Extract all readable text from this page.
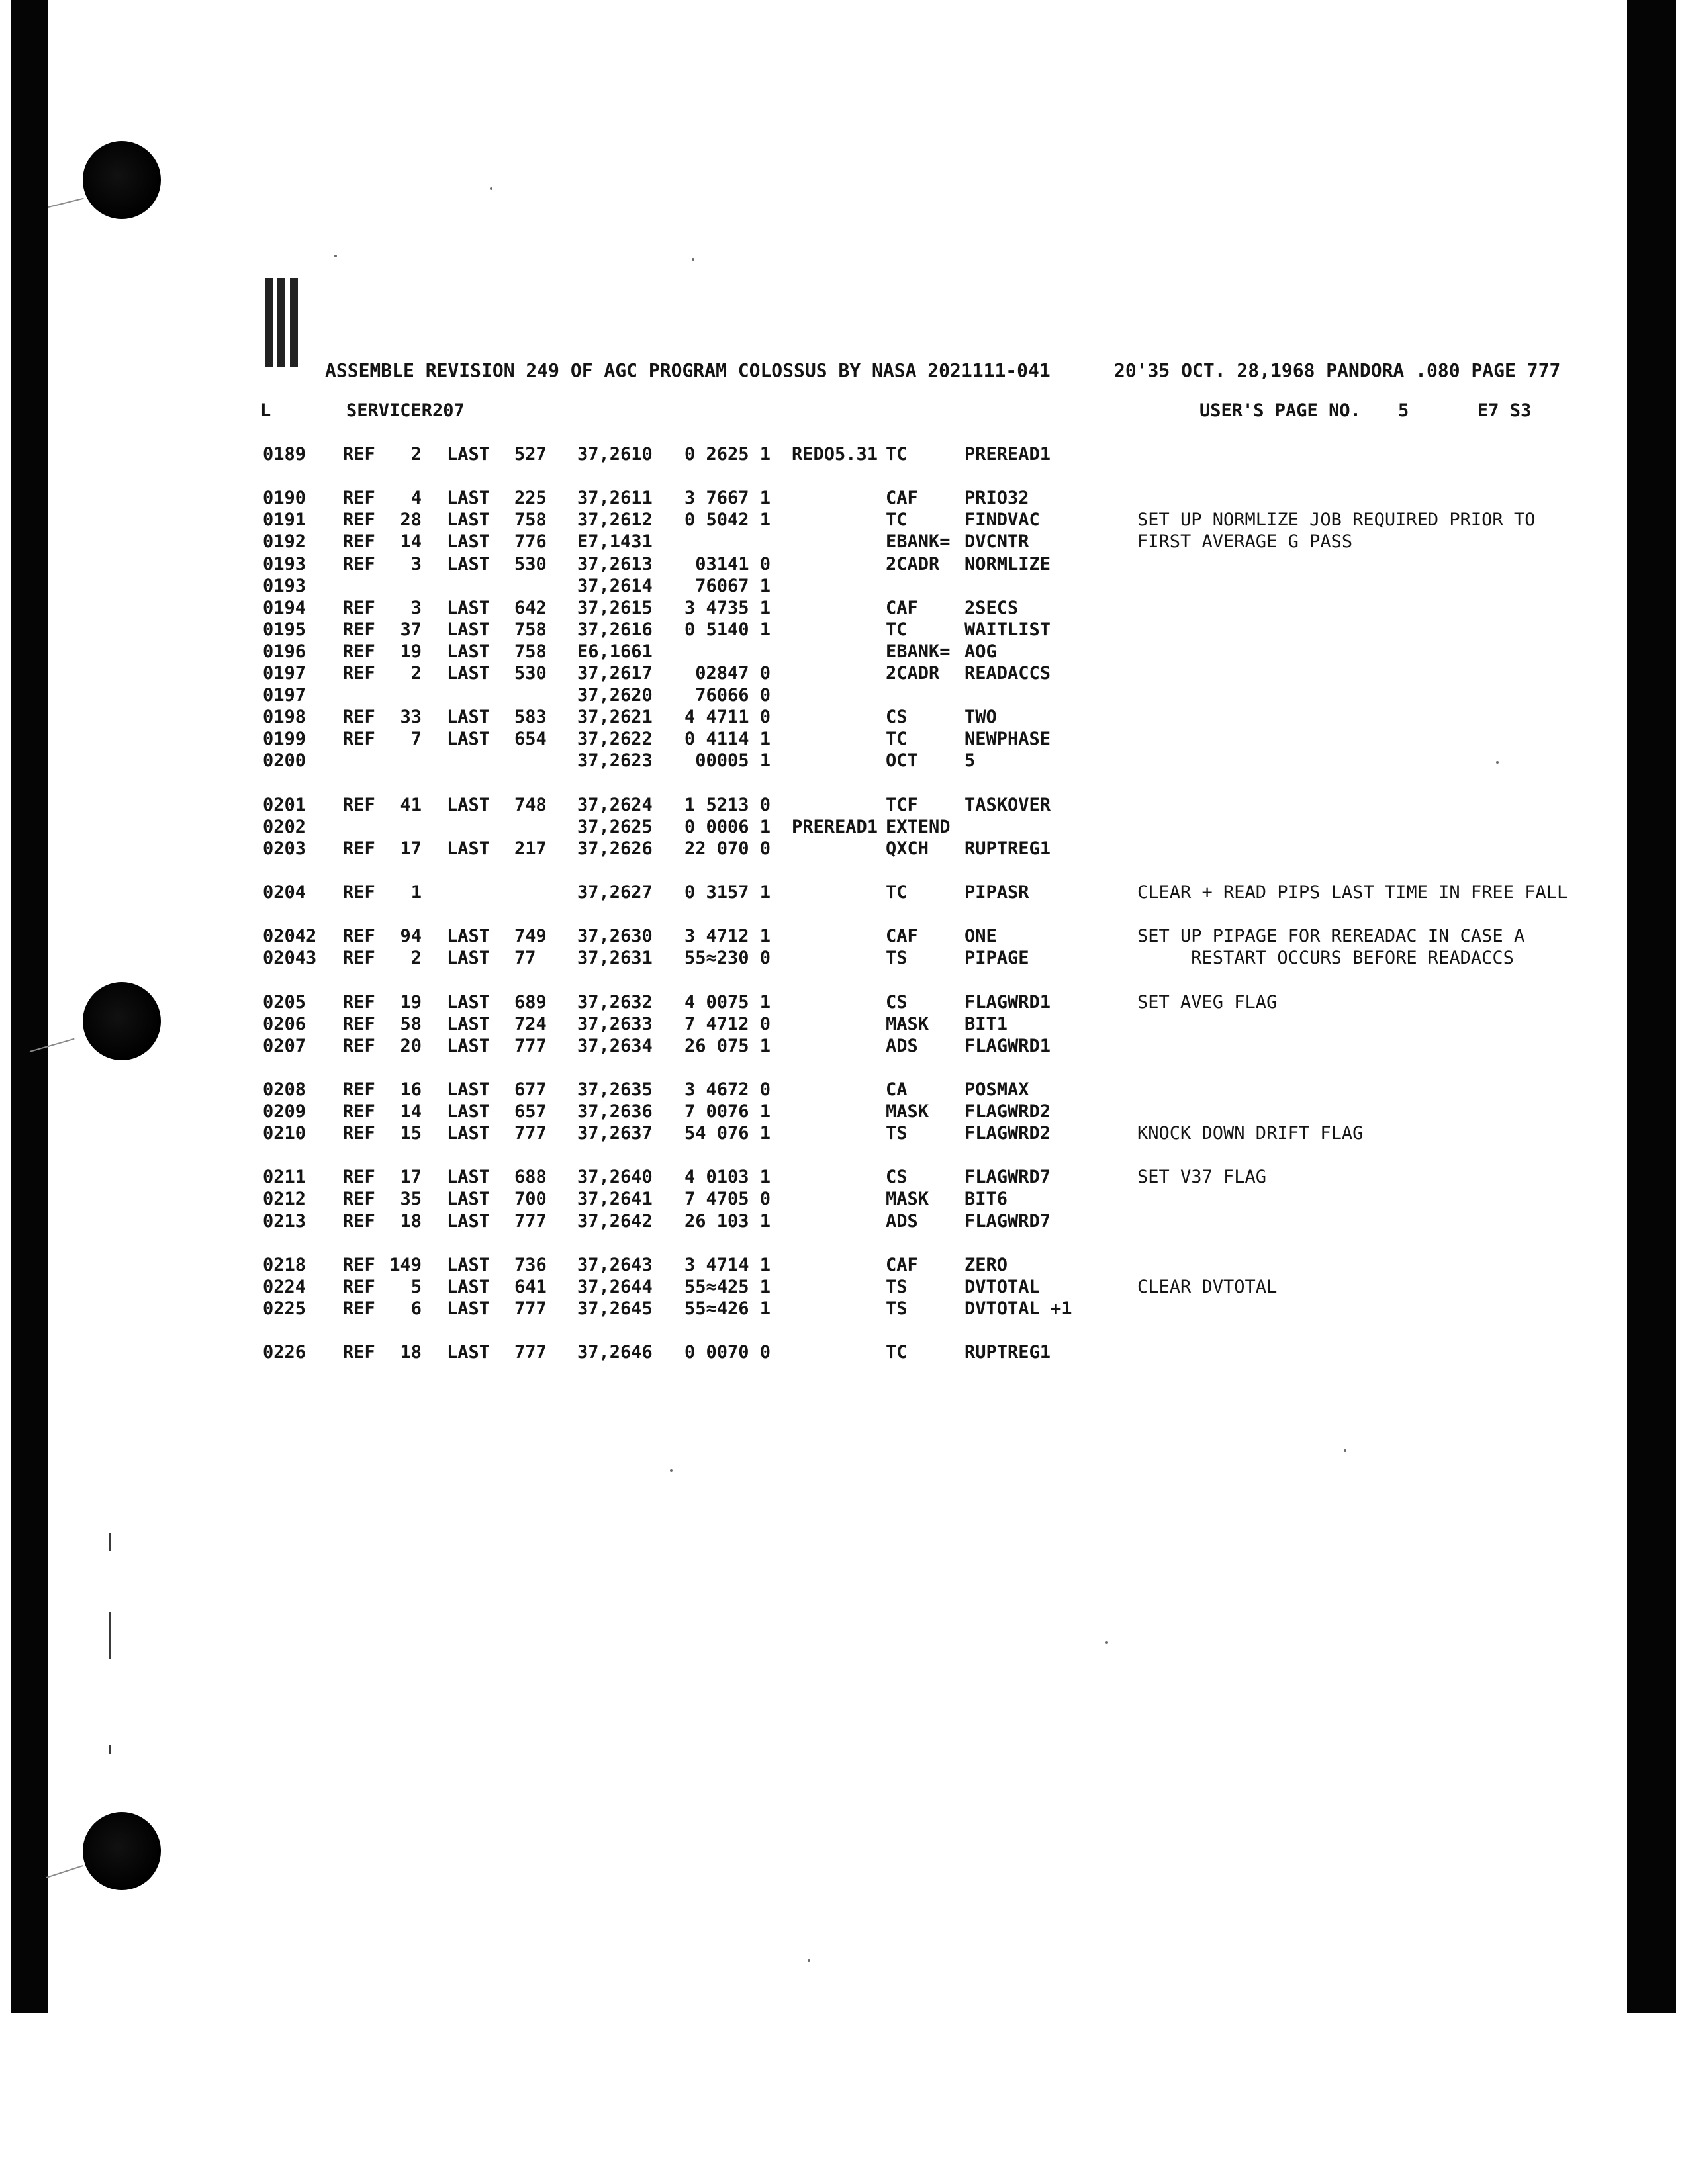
ASSEMBLE REVISION 249 OF AGC PROGRAM COLOSSUS BY NASA 2021111-041	20'35 OCT. 28,1968 PANDORA .080 PAGE 777
L	SERVICER207	USER'S PAGE NO. 5	E7 S3
0189 REF	2 LAST 527 37,2610	0 2625 1 REDO5.31 TC	PREREAD1
0190 REF	4 LAST 225 37,2611	3 7667 1	CAF	PRIO32
0191 REF	28 LAST 758 37,2612	0 5042 1	TC	FINDVAC	SET UP NORMLIZE JOB REQUIRED PRIOR TO
0192 REF	14 LAST 776 E7,1431	EBANK= DVCNTR	FIRST AVERAGE G PASS
0193 REF	3 LAST 530 37,2613	03141 0	2CADR NORMLIZE
0193	37,2614	76067 1
0194 REF	3 LAST 642 37,2615	3 4735 1	CAF	2SECS
0195 REF	37 LAST 758 37,2616	0 5140 1	TC	WAITLIST
0196 REF	19 LAST 758 E6,1661	EBANK= AOG
0197 REF	2 LAST 530 37,2617	02847 0	2CADR READACCS
0197	37,2620	76066 0
0198 REF	33 LAST 583 37,2621	4 4711 0	CS	TWO
0199 REF	7 LAST 654 37,2622	0 4114 1	TC	NEWPHASE
0200	37,2623	00005 1	OCT	5
0201 REF	41 LAST 748 37,2624	1 5213 0	TCF	TASKOVER
0202	37,2625	0 0006 1 PREREAD1 EXTEND
0203 REF	17 LAST 217 37,2626	22 070 0	QXCH RUPTREG1
0204 REF	1	37,2627	0 3157 1	TC	PIPASR	CLEAR + READ PIPS LAST TIME IN FREE FALL
02042 REF	94 LAST 749 37,2630	3 4712 1	CAF	ONE	SET UP PIPAGE FOR REREADAC IN CASE A
02043 REF	2 LAST 77 37,2631	55≈230 0	TS	PIPAGE	RESTART OCCURS BEFORE READACCS
0205 REF	19 LAST 689 37,2632	4 0075 1	CS	FLAGWRD1	SET AVEG FLAG
0206 REF	58 LAST 724 37,2633	7 4712 0	MASK BIT1
0207 REF	20 LAST 777 37,2634	26 075 1	ADS	FLAGWRD1
0208 REF	16 LAST 677 37,2635	3 4672 0	CA	POSMAX
0209 REF	14 LAST 657 37,2636	7 0076 1	MASK FLAGWRD2
0210 REF	15 LAST 777 37,2637	54 076 1	TS	FLAGWRD2	KNOCK DOWN DRIFT FLAG
0211 REF	17 LAST 688 37,2640	4 0103 1	CS	FLAGWRD7	SET V37 FLAG
0212 REF	35 LAST 700 37,2641	7 4705 0	MASK BIT6
0213 REF	18 LAST 777 37,2642	26 103 1	ADS	FLAGWRD7
0218 REF 149 LAST 736 37,2643	3 4714 1	CAF	ZERO
0224 REF	5 LAST 641 37,2644	55≈425 1	TS	DVTOTAL	CLEAR DVTOTAL
0225 REF	6 LAST 777 37,2645	55≈426 1	TS	DVTOTAL +1
0226 REF	18 LAST 777 37,2646	0 0070 0	TC	RUPTREG1
